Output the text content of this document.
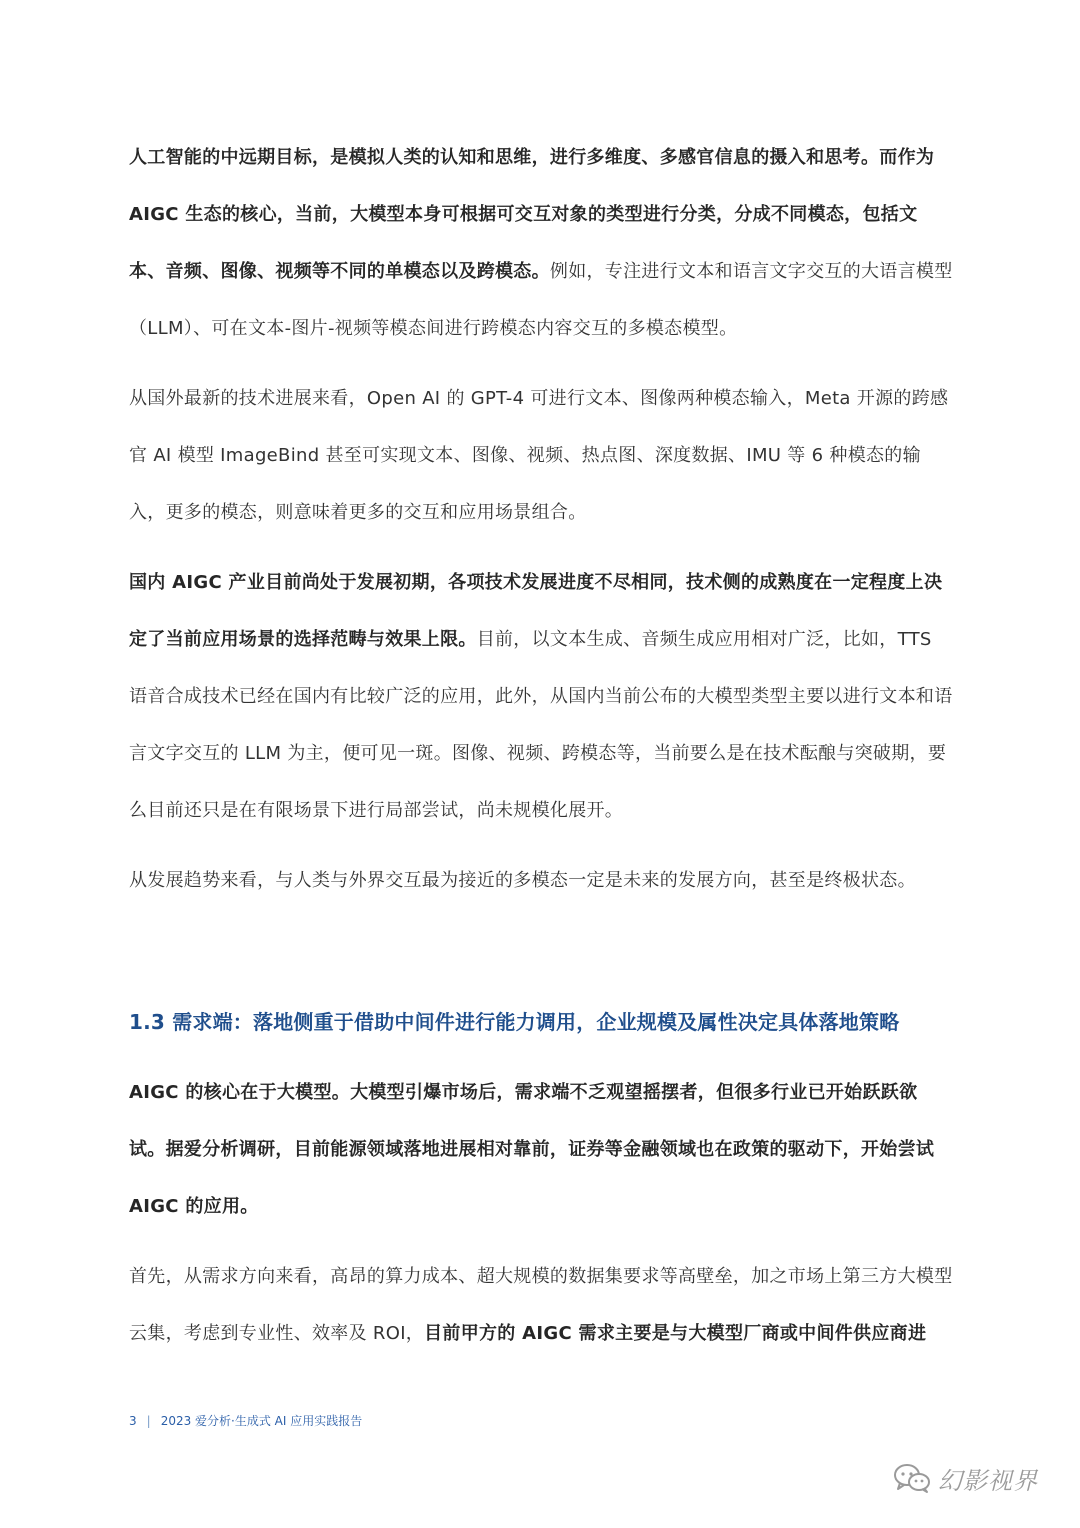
人工智能的中远期目标，是模拟人类的认知和思维，进行多维度、多感官信息的摄入和思考。而作为 AIGC 生态的核心，当前，大模型本身可根据可交互对象的类型进行分类，分成不同模态，包括文本、音频、图像、视频等不同的单模态以及跨模态。例如，专注进行文本和语言文字交互的大语言模型（LLM）、可在文本-图片-视频等模态间进行跨模态内容交互的多模态模型。

从国外最新的技术进展来看，Open AI 的 GPT-4 可进行文本、图像两种模态输入，Meta 开源的跨感官 AI 模型 ImageBind 甚至可实现文本、图像、视频、热点图、深度数据、IMU 等 6 种模态的输入，更多的模态，则意味着更多的交互和应用场景组合。

国内 AIGC 产业目前尚处于发展初期，各项技术发展进度不尽相同，技术侧的成熟度在一定程度上决定了当前应用场景的选择范畴与效果上限。目前，以文本生成、音频生成应用相对广泛，比如，TTS 语音合成技术已经在国内有比较广泛的应用，此外，从国内当前公布的大模型类型主要以进行文本和语言文字交互的 LLM 为主，便可见一斑。图像、视频、跨模态等，当前要么是在技术酝酿与突破期，要么目前还只是在有限场景下进行局部尝试，尚未规模化展开。

从发展趋势来看，与人类与外界交互最为接近的多模态一定是未来的发展方向，甚至是终极状态。

1.3 需求端：落地侧重于借助中间件进行能力调用，企业规模及属性决定具体落地策略

AIGC 的核心在于大模型。大模型引爆市场后，需求端不乏观望摇摆者，但很多行业已开始跃跃欲试。据爱分析调研，目前能源领域落地进展相对靠前，证券等金融领域也在政策的驱动下，开始尝试 AIGC 的应用。

首先，从需求方向来看，高昂的算力成本、超大规模的数据集要求等高壁垒，加之市场上第三方大模型云集，考虑到专业性、效率及 ROI，目前甲方的 AIGC 需求主要是与大模型厂商或中间件供应商进

3 | 2023 爱分析·生成式 AI 应用实践报告
幻影视界
